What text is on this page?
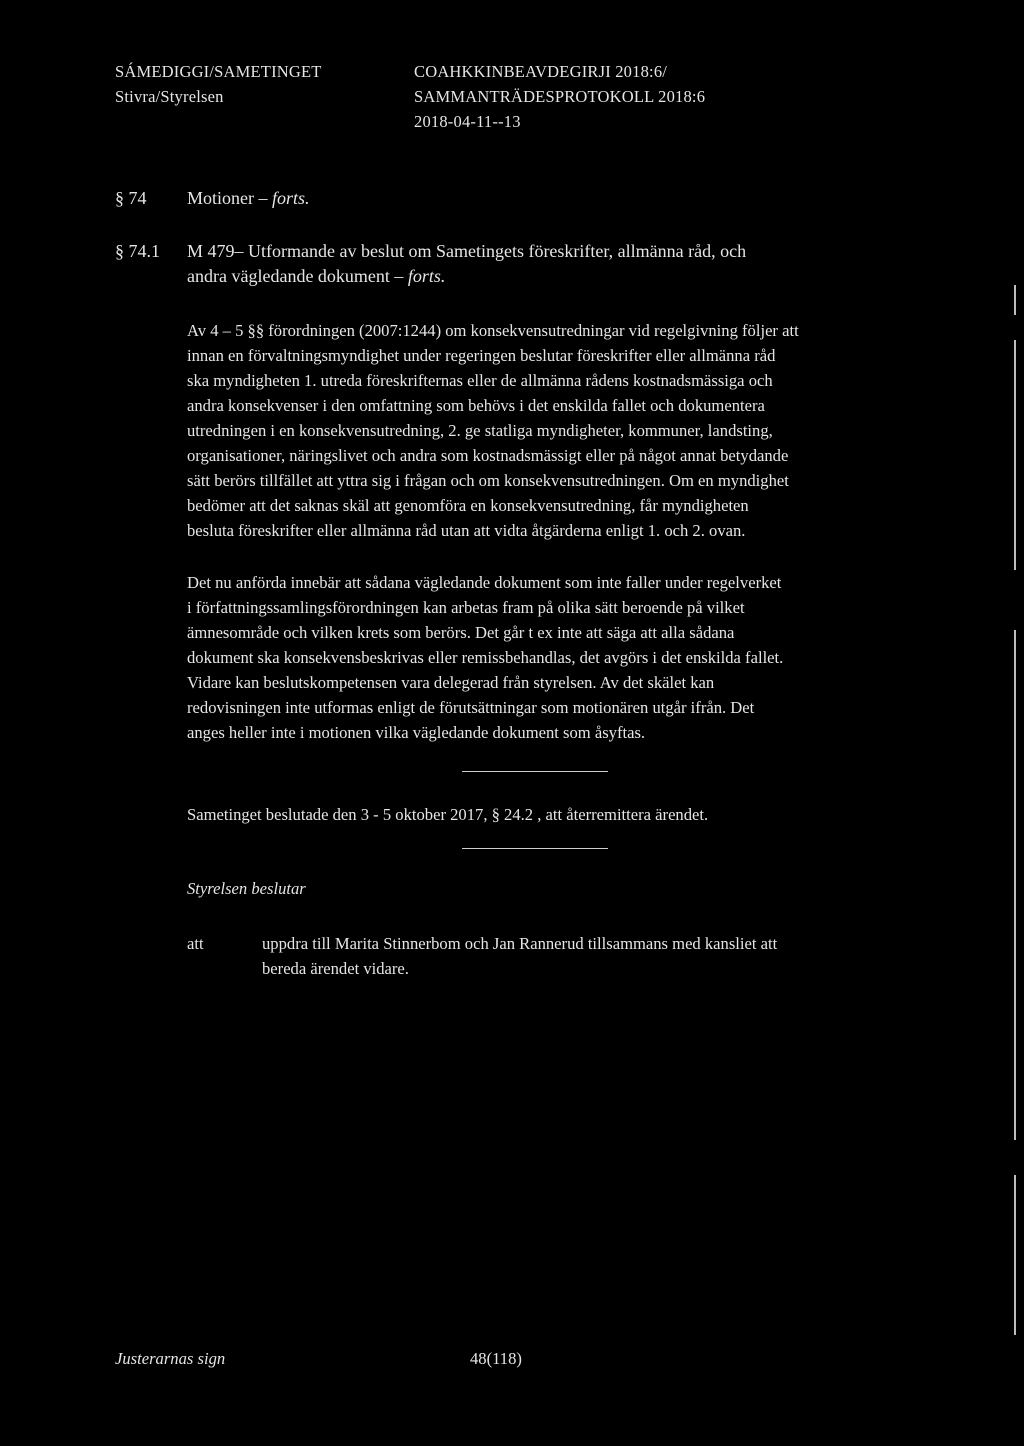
SÁMEDIGGI/SAMETINGET
Stivra/Styrelsen
COAHKKINBEAVDEGIRJI 2018:6/
SAMMANTRÄDESPROTOKOLL 2018:6
2018-04-11--13
§ 74 Motioner – forts.
§ 74.1 M 479– Utformande av beslut om Sametingets föreskrifter, allmänna råd, och
andra vägledande dokument – forts.
Av 4 – 5 §§ förordningen (2007:1244) om konsekvensutredningar vid regelgivning följer att
innan en förvaltningsmyndighet under regeringen beslutar föreskrifter eller allmänna råd
ska myndigheten 1. utreda föreskrifternas eller de allmänna rådens kostnadsmässiga och
andra konsekvenser i den omfattning som behövs i det enskilda fallet och dokumentera
utredningen i en konsekvensutredning, 2. ge statliga myndigheter, kommuner, landsting,
organisationer, näringslivet och andra som kostnadsmässigt eller på något annat betydande
sätt berörs tillfället att yttra sig i frågan och om konsekvensutredningen. Om en myndighet
bedömer att det saknas skäl att genomföra en konsekvensutredning, får myndigheten
besluta föreskrifter eller allmänna råd utan att vidta åtgärderna enligt 1. och 2. ovan.
Det nu anförda innebär att sådana vägledande dokument som inte faller under regelverket
i författningssamlingsförordningen kan arbetas fram på olika sätt beroende på vilket
ämnesområde och vilken krets som berörs. Det går t ex inte att säga att alla sådana
dokument ska konsekvensbeskrivas eller remissbehandlas, det avgörs i det enskilda fallet.
Vidare kan beslutskompetensen vara delegerad från styrelsen. Av det skälet kan
redovisningen inte utformas enligt de förutsättningar som motionären utgår ifrån. Det
anges heller inte i motionen vilka vägledande dokument som åsyftas.
Sametinget beslutade den 3 - 5 oktober 2017, § 24.2 , att återremittera ärendet.
Styrelsen beslutar
att	uppdra till Marita Stinnerbom och Jan Rannerud tillsammans med kansliet att
bereda ärendet vidare.
Justerarnas sign	48(118)
